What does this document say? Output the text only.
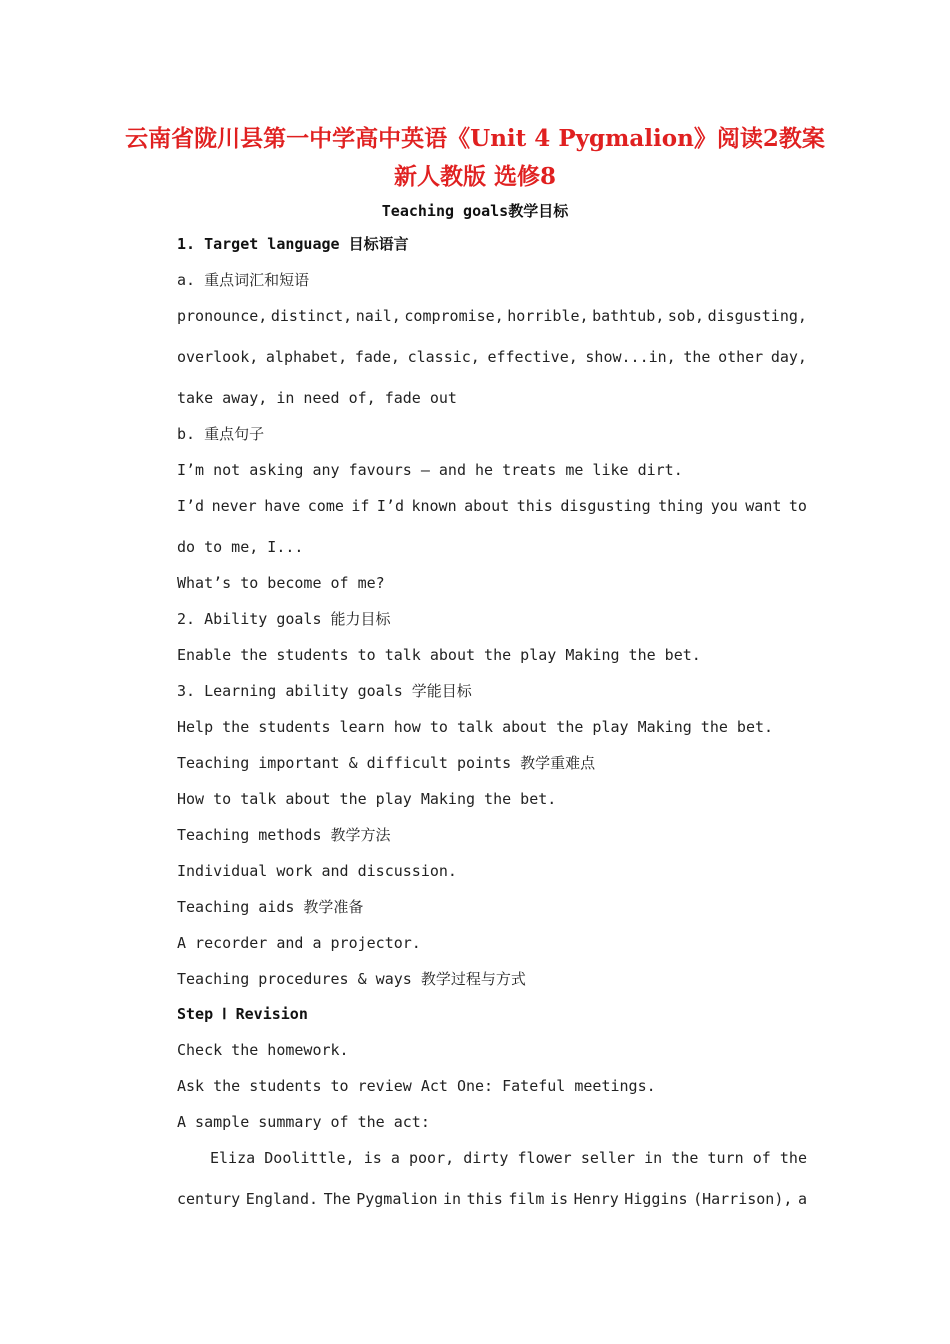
云南省陇川县第一中学高中英语《Unit 4 Pygmalion》阅读2教案
新人教版 选修8
Teaching goals教学目标
1. Target language 目标语言
a. 重点词汇和短语
pronounce, distinct, nail, compromise, horrible, bathtub, sob, disgusting,
overlook, alphabet, fade, classic, effective, show...in, the other day,
take away, in need of, fade out
b. 重点句子
I’m not asking any favours — and he treats me like dirt.
I’d never have come if I’d known about this disgusting thing you want to
do to me, I...
What’s to become of me?
2. Ability goals 能力目标
Enable the students to talk about the play Making the bet.
3. Learning ability goals 学能目标
Help the students learn how to talk about the play Making the bet.
Teaching important & difficult points 教学重难点
How to talk about the play Making the bet.
Teaching methods 教学方法
Individual work and discussion.
Teaching aids 教学准备
A recorder and a projector.
Teaching procedures & ways 教学过程与方式
Step Ⅰ Revision
Check the homework.
Ask the students to review Act One: Fateful meetings.
A sample summary of the act:
Eliza Doolittle, is a poor, dirty flower seller in the turn of the
century England. The Pygmalion in this film is Henry Higgins (Harrison), a
